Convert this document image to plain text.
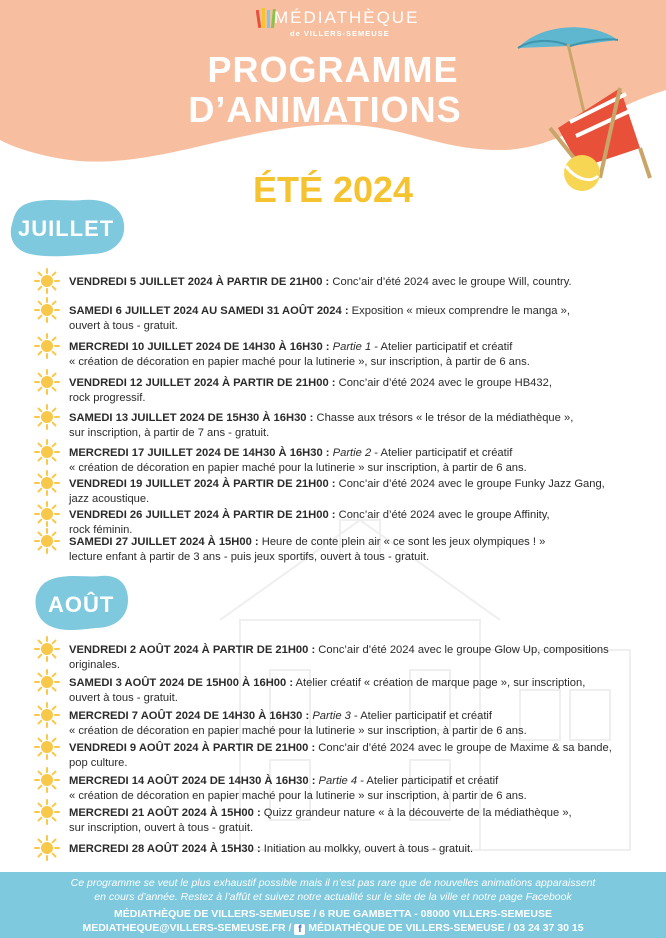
MÉDIATHÈQUE
de VILLERS-SEMEUSE
PROGRAMME
D’ANIMATIONS
ÉTÉ 2024
JUILLET
AOÛT
VENDREDI 5 JUILLET 2024 À PARTIR DE 21H00 : Conc’air d’été 2024 avec le groupe Will, country.
SAMEDI 6 JUILLET 2024 AU SAMEDI 31 AOÛT 2024 : Exposition « mieux comprendre le manga »,
ouvert à tous - gratuit.
MERCREDI 10 JUILLET 2024 DE 14H30 À 16H30 : Partie 1 - Atelier participatif et créatif
« création de décoration en papier maché pour la lutinerie », sur inscription, à partir de 6 ans.
VENDREDI 12 JUILLET 2024 À PARTIR DE 21H00 : Conc’air d’été 2024 avec le groupe HB432,
rock progressif.
SAMEDI 13 JUILLET 2024 DE 15H30 À 16H30 : Chasse aux trésors « le trésor de la médiathèque »,
sur inscription, à partir de 7 ans - gratuit.
MERCREDI 17 JUILLET 2024 DE 14H30 À 16H30 : Partie 2 - Atelier participatif et créatif
« création de décoration en papier maché pour la lutinerie » sur inscription, à partir de 6 ans.
VENDREDI 19 JUILLET 2024 À PARTIR DE 21H00 : Conc’air d’été 2024 avec le groupe Funky Jazz Gang,
jazz acoustique.
VENDREDI 26 JUILLET 2024 À PARTIR DE 21H00 : Conc’air d’été 2024 avec le groupe Affinity,
rock féminin.
SAMEDI 27 JUILLET 2024 À 15H00 : Heure de conte plein air « ce sont les jeux olympiques ! »
lecture enfant à partir de 3 ans - puis jeux sportifs, ouvert à tous - gratuit.
VENDREDI 2 AOÛT 2024 À PARTIR DE 21H00 : Conc’air d’été 2024 avec le groupe Glow Up, compositions
originales.
SAMEDI 3 AOÛT 2024 DE 15H00 À 16H00 : Atelier créatif « création de marque page », sur inscription,
ouvert à tous - gratuit.
MERCREDI 7 AOÛT 2024 DE 14H30 À 16H30 : Partie 3 - Atelier participatif et créatif
« création de décoration en papier maché pour la lutinerie » sur inscription, à partir de 6 ans.
VENDREDI 9 AOÛT 2024 À PARTIR DE 21H00 : Conc’air d’été 2024 avec le groupe de Maxime & sa bande,
pop culture.
MERCREDI 14 AOÛT 2024 DE 14H30 À 16H30 : Partie 4 - Atelier participatif et créatif
« création de décoration en papier maché pour la lutinerie » sur inscription, à partir de 6 ans.
MERCREDI 21 AOÛT 2024 À 15H00 : Quizz grandeur nature « à la découverte de la médiathèque »,
sur inscription, ouvert à tous - gratuit.
MERCREDI 28 AOÛT 2024 À 15H30 : Initiation au molkky, ouvert à tous - gratuit.
Ce programme se veut le plus exhaustif possible mais il n’est pas rare que de nouvelles animations apparaissent
en cours d’année. Restez à l’affût et suivez notre actualité sur le site de la ville et notre page Facebook
MÉDIATHÈQUE DE VILLERS-SEMEUSE / 6 RUE GAMBETTA - 08000 VILLERS-SEMEUSE
MEDIATHEQUE@VILLERS-SEMEUSE.FR / f MÉDIATHÈQUE DE VILLERS-SEMEUSE / 03 24 37 30 15
